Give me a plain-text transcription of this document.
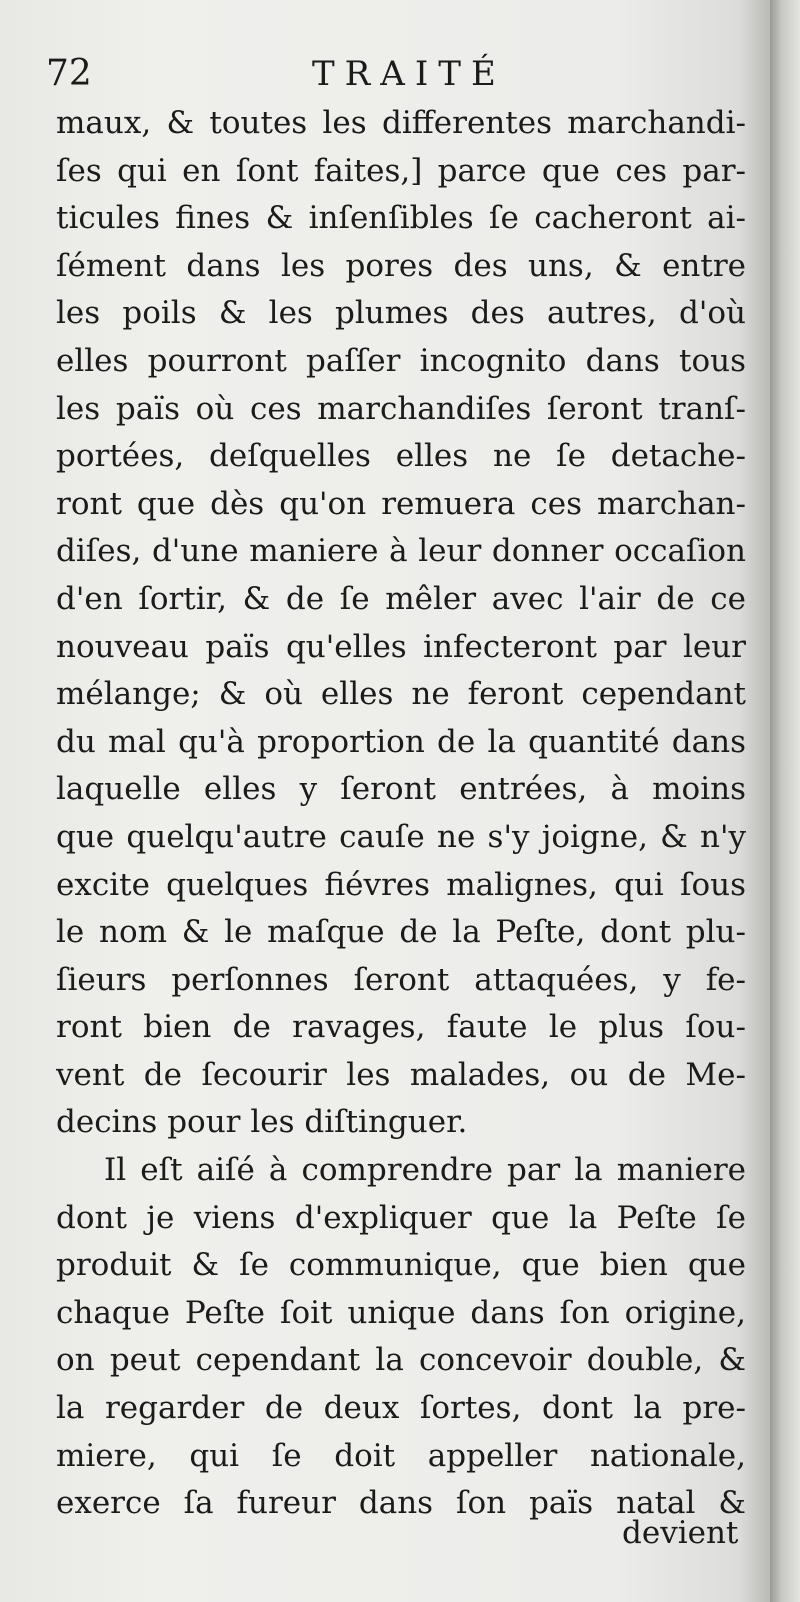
72	TRAITÉ
maux, & toutes les differentes marchandi-
ſes qui en ſont faites,] parce que ces par-
ticules fines & inſenſibles ſe cacheront ai-
ſément dans les pores des uns, & entre
les poils & les plumes des autres, d'où
elles pourront paſſer incognito dans tous
les païs où ces marchandiſes ſeront tranſ-
portées, deſquelles elles ne ſe detache-
ront que dès qu'on remuera ces marchan-
diſes, d'une maniere à leur donner occaſion
d'en ſortir, & de ſe mêler avec l'air de ce
nouveau païs qu'elles infecteront par leur
mélange; & où elles ne feront cependant
du mal qu'à proportion de la quantité dans
laquelle elles y ſeront entrées, à moins
que quelqu'autre cauſe ne s'y joigne, & n'y
excite quelques fiévres malignes, qui ſous
le nom & le maſque de la Peſte, dont plu-
ſieurs perſonnes ſeront attaquées, y fe-
ront bien de ravages, faute le plus ſou-
vent de ſecourir les malades, ou de Me-
decins pour les diſtinguer.
Il eſt aiſé à comprendre par la maniere
dont je viens d'expliquer que la Peſte ſe
produit & ſe communique, que bien que
chaque Peſte ſoit unique dans ſon origine,
on peut cependant la concevoir double, &
la regarder de deux ſortes, dont la pre-
miere, qui ſe doit appeller nationale,
exerce ſa fureur dans ſon païs natal &
devient
